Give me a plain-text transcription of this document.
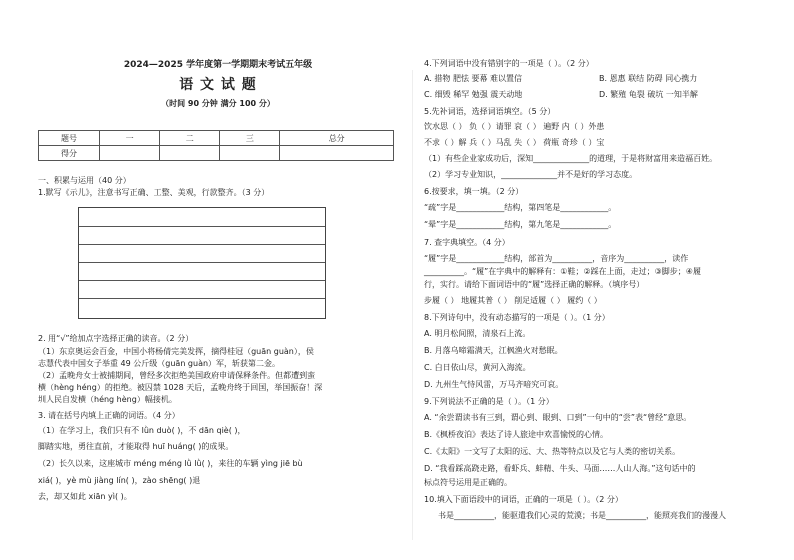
2024—2025 学年度第一学期期末考试五年级
语 文 试 题
（时间 90 分钟 满分 100 分）
题号	一	二	三	总分
得分				
一、积累与运用（40 分）
1.默写《示儿》，注意书写正确、工整、美观，行款整齐。（3 分）
2. 用“√”给加点字选择正确的读音。（2 分）
（1）东京奥运会百金，中国小将杨倩完美发挥，摘得桂冠（guān guàn），侯
志慧代表中国女子举重 49 公斤级（guān guàn）军，斩获第二金。
（2）孟晚舟女士被捕期间，曾经多次拒绝美国政府申请保释条件。但都遭到蛮
横（hèng héng）的拒绝。被囚禁 1028 天后，孟晚舟终于回国，举国振奋！深
圳人民自发横（héng hèng）幅接机。
3. 请在括号内填上正确的词语。（4 分）
（1）在学习上，我们只有不 lǜn duò( )，不 dān qiè( )，
脚踏实地，勇往直前，才能取得 huī huáng( )的成果。
（2）长久以来，这座城市 méng méng lǜ lǜ( )，来往的车辆 yìng jiē bù
xiá( )，yè mù jiàng lín( )，zào shēng( )退
去，却又如此 xiān yì( )。
4.下列词语中没有错别字的一项是（ ）。（2 分）
A. 措物 肥怯 要幕 难以置信	B. 恩惠 联结 防碍 同心携力
C. 细毁 稀罕 勉强 震天动地	D. 繁殖 龟裂 破坑 一知半解
5.先补词语，选择词语填空。（5 分）
饮水思（ ） 负（ ）请罪 哀（ ） 遍野 内（ ）外患
不求（ ）解 兵（ ）马乱 失（ ） 荷瓶 奇珍（ ）宝
（1）有些企业家成功后，深知______________的道理，于是将财富用来造福百姓。
（2）学习专业知识，______________并不是好的学习态度。
6.按要求，填一填。（2 分）
“疏”字是____________结构，第四笔是____________。
“晕”字是____________结构，第九笔是____________。
7. 查字典填空。（4 分）
“履”字是____________结构，部首为__________，音序为__________，读作
__________。“履”在字典中的解释有：①鞋；②踩在上面，走过；③脚步；④履
行，实行。请给下面词语中的“履”选择正确的解释。（填序号）
步履（ ） 地履其普（ ） 削足适履（ ） 履约（ ）
8.下列诗句中，没有动态描写的一项是（ ）。（1 分）
A. 明月松间照，清泉石上流。
B. 月落乌啼霜满天，江枫渔火对愁眠。
C. 白日依山尽，黄河入海流。
D. 九州生气恃风雷，万马齐喑究可哀。
9.下列说法不正确的是（ ）。（1 分）
A. “余尝谓读书有三到，谓心到、眼到、口到”一句中的“尝”表“曾经”意思。
B.《枫桥夜泊》表达了诗人旅途中欢喜愉悦的心情。
C.《太阳》一文写了太阳的远、大、热等特点以及它与人类的密切关系。
D. “我看踩高跷走路，看虾兵、蚌精、牛头、马面……人山人海。”这句话中的
标点符号运用是正确的。
10.填入下面语段中的词语，正确的一项是（ ）。（2 分）
书是__________，能驱遣我们心灵的荒漠；书是__________，能照亮我们的漫漫人
